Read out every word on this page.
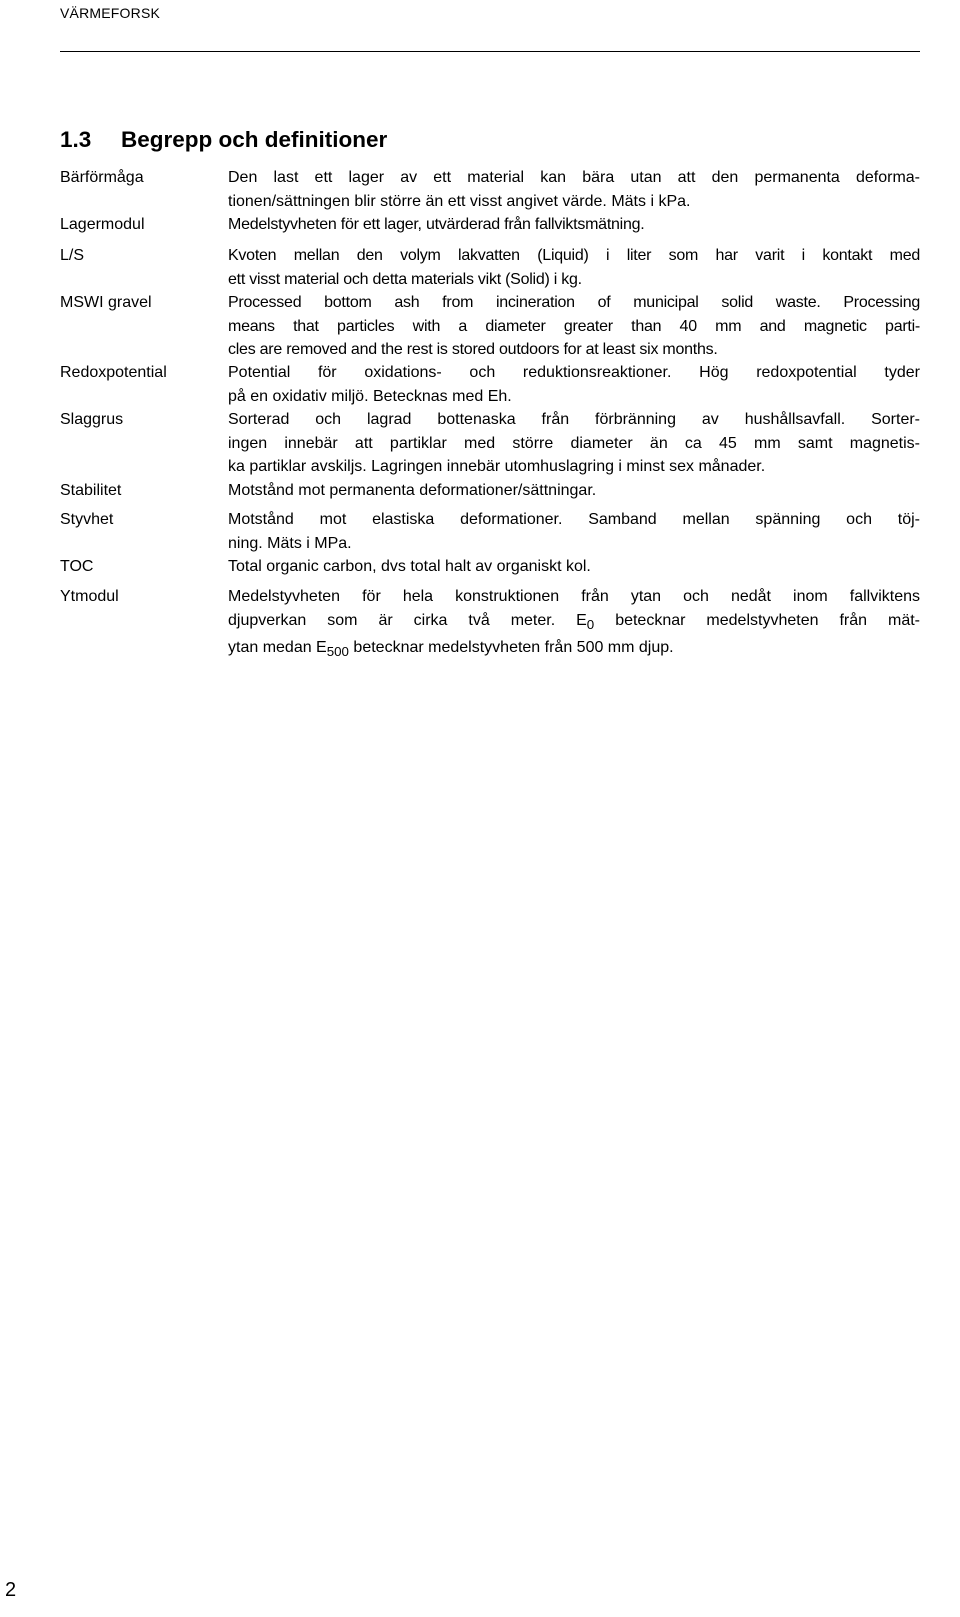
VÄRMEFORSK
1.3 Begrepp och definitioner
Bärförmåga	Den last ett lager av ett material kan bära utan att den permanenta deforma-
tionen/sättningen blir större än ett visst angivet värde. Mäts i kPa.
Lagermodul	Medelstyvheten för ett lager, utvärderad från fallviktsmätning.
L/S	Kvoten mellan den volym lakvatten (Liquid) i liter som har varit i kontakt med
ett visst material och detta materials vikt (Solid) i kg.
MSWI gravel	Processed bottom ash from incineration of municipal solid waste. Processing
means that particles with a diameter greater than 40 mm and magnetic parti-
cles are removed and the rest is stored outdoors for at least six months.
Redoxpotential	Potential för oxidations- och reduktionsreaktioner. Hög redoxpotential tyder
på en oxidativ miljö. Betecknas med Eh.
Slaggrus	Sorterad och lagrad bottenaska från förbränning av hushållsavfall. Sorter-
ingen innebär att partiklar med större diameter än ca 45 mm samt magnetis-
ka partiklar avskiljs. Lagringen innebär utomhuslagring i minst sex månader.
Stabilitet	Motstånd mot permanenta deformationer/sättningar.
Styvhet	Motstånd mot elastiska deformationer. Samband mellan spänning och töj-
ning. Mäts i MPa.
TOC	Total organic carbon, dvs total halt av organiskt kol.
Ytmodul	Medelstyvheten för hela konstruktionen från ytan och nedåt inom fallviktens
djupverkan som är cirka två meter. $E_0$ betecknar medelstyvheten från mät-
ytan medan $E_{500}$ betecknar medelstyvheten från 500 mm djup.
2
